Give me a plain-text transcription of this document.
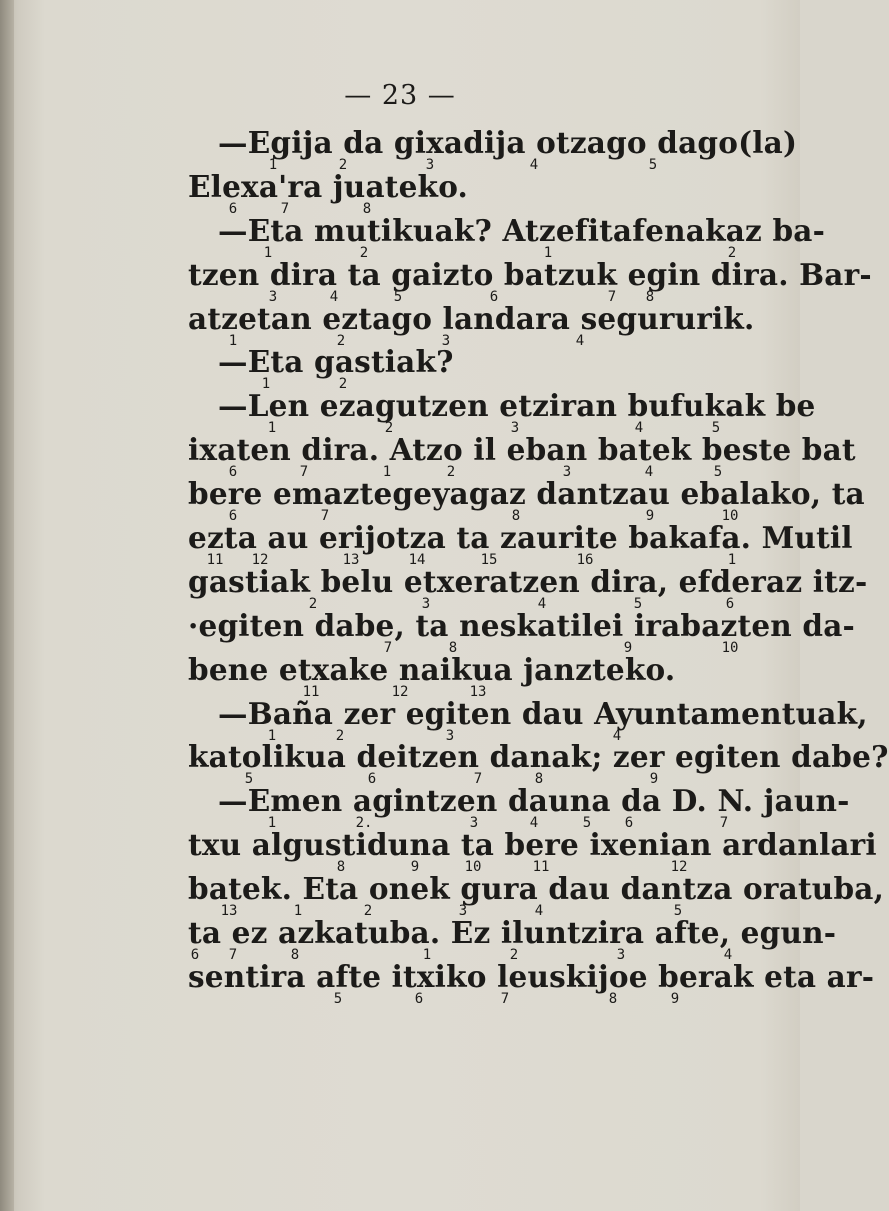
— 23 —
—Egija da gixadija otzago dago(la)
1	2	3	4	5
Elexa'ra juateko.
6	7	8
—Eta mutikuak? Atzefitafenakaz ba-
1	2	1	2
tzen dira ta gaizto batzuk egin dira. Bar-
3	4	5	6	7 8
atzetan eztago landara segururik.
1	2	3	4
—Eta gastiak?
1	2
—Len ezagutzen etziran bufukak be
1	2	3	4	5
ixaten dira. Atzo il eban batek beste bat
6	7	1	2	3	4	5
bere emaztegeyagaz dantzau ebalako, ta
6	7	8	9	10
ezta au erijotza ta zaurite bakafa. Mutil
11 12	13	14	15	16	1
gastiak belu etxeratzen dira, efderaz itz-
2	3	4	5	6
·egiten dabe, ta neskatilei irabazten da-
7	8	9	10
bene etxake naikua janzteko.
11	12	13
—Baña zer egiten dau Ayuntamentuak,
1	2	3	4
katolikua deitzen danak; zer egiten dabe?
5	6	7	8	9
—Emen agintzen dauna da D. N. jaun-
1	2.	3	4	5 6	7
txu algustiduna ta bere ixenian ardanlari
8	9	10	11	12
batek. Eta onek gura dau dantza oratuba,
13	1	2	3	4	5
ta ez azkatuba. Ez iluntzira afte, egun-
6 7	8	1	2	3	4
sentira afte itxiko leuskijoe berak eta ar-
5	6	7	8	9
